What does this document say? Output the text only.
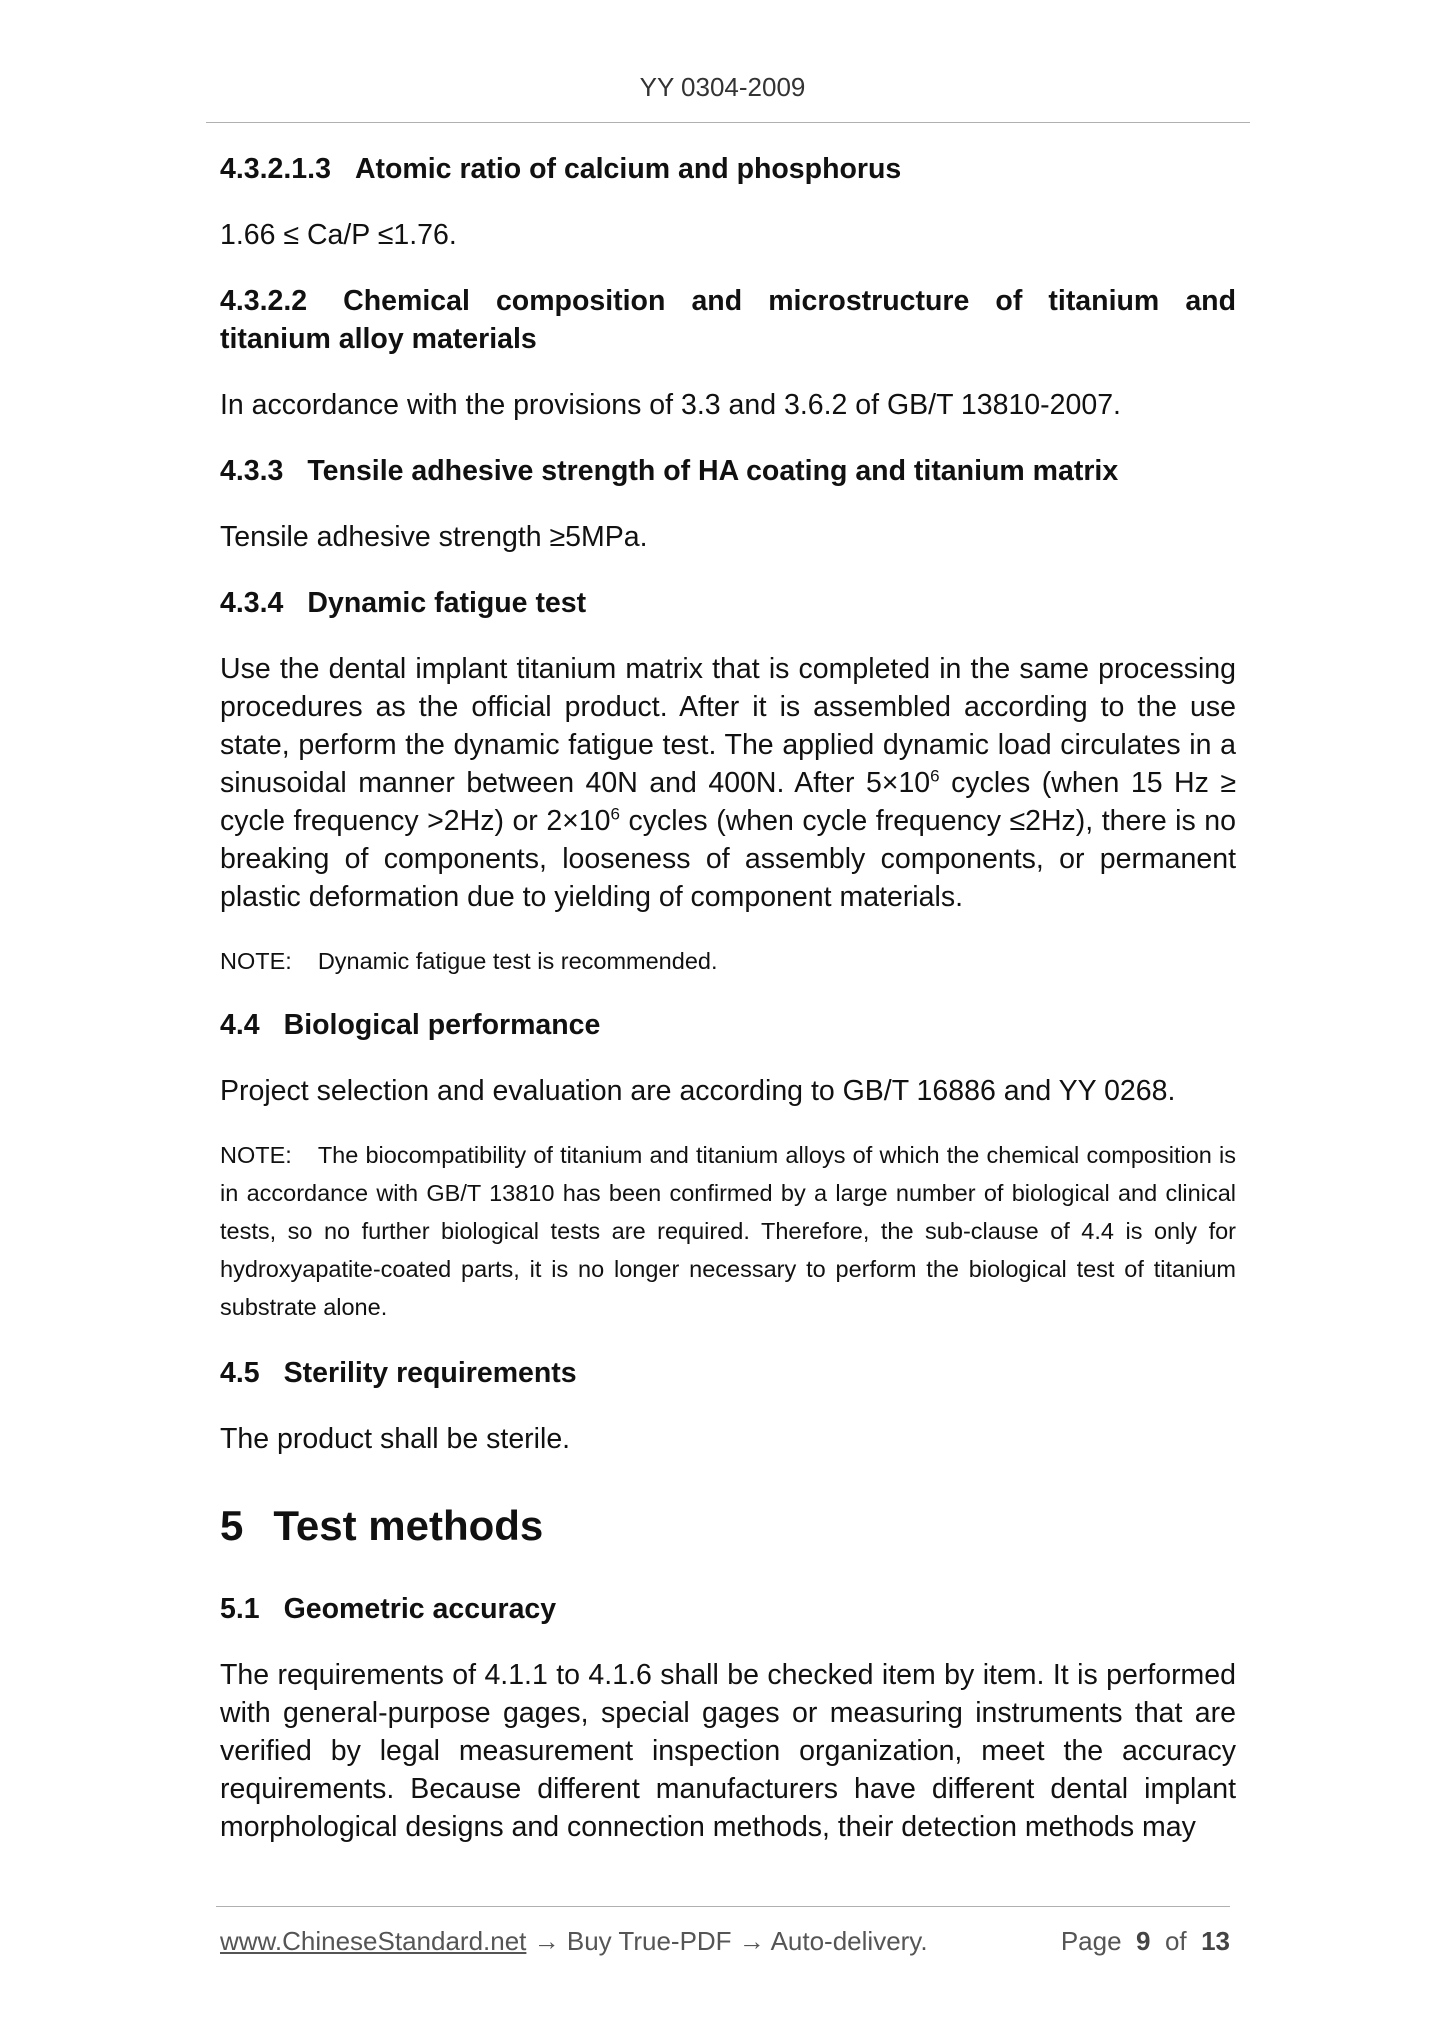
YY 0304-2009
4.3.2.1.3 Atomic ratio of calcium and phosphorus

1.66 ≤ Ca/P ≤1.76.

4.3.2.2 Chemical composition and microstructure of titanium and titanium alloy materials

In accordance with the provisions of 3.3 and 3.6.2 of GB/T 13810-2007.

4.3.3 Tensile adhesive strength of HA coating and titanium matrix

Tensile adhesive strength ≥5MPa.

4.3.4 Dynamic fatigue test

Use the dental implant titanium matrix that is completed in the same processing procedures as the official product. After it is assembled according to the use state, perform the dynamic fatigue test. The applied dynamic load circulates in a sinusoidal manner between 40N and 400N. After $5\times 10^6$ cycles (when 15 Hz ≥ cycle frequency >2Hz) or $2\times 10^6$ cycles (when cycle frequency ≤2Hz), there is no breaking of components, looseness of assembly components, or permanent plastic deformation due to yielding of component materials.

NOTE: Dynamic fatigue test is recommended.

4.4 Biological performance

Project selection and evaluation are according to GB/T 16886 and YY 0268.

NOTE: The biocompatibility of titanium and titanium alloys of which the chemical composition is in accordance with GB/T 13810 has been confirmed by a large number of biological and clinical tests, so no further biological tests are required. Therefore, the sub-clause of 4.4 is only for hydroxyapatite-coated parts, it is no longer necessary to perform the biological test of titanium substrate alone.

4.5 Sterility requirements

The product shall be sterile.

5 Test methods
5.1 Geometric accuracy

The requirements of 4.1.1 to 4.1.6 shall be checked item by item. It is performed with general-purpose gages, special gages or measuring instruments that are verified by legal measurement inspection organization, meet the accuracy requirements. Because different manufacturers have different dental implant morphological designs and connection methods, their detection methods may

www.ChineseStandard.net → Buy True-PDF → Auto-delivery.	Page 9 of 13
